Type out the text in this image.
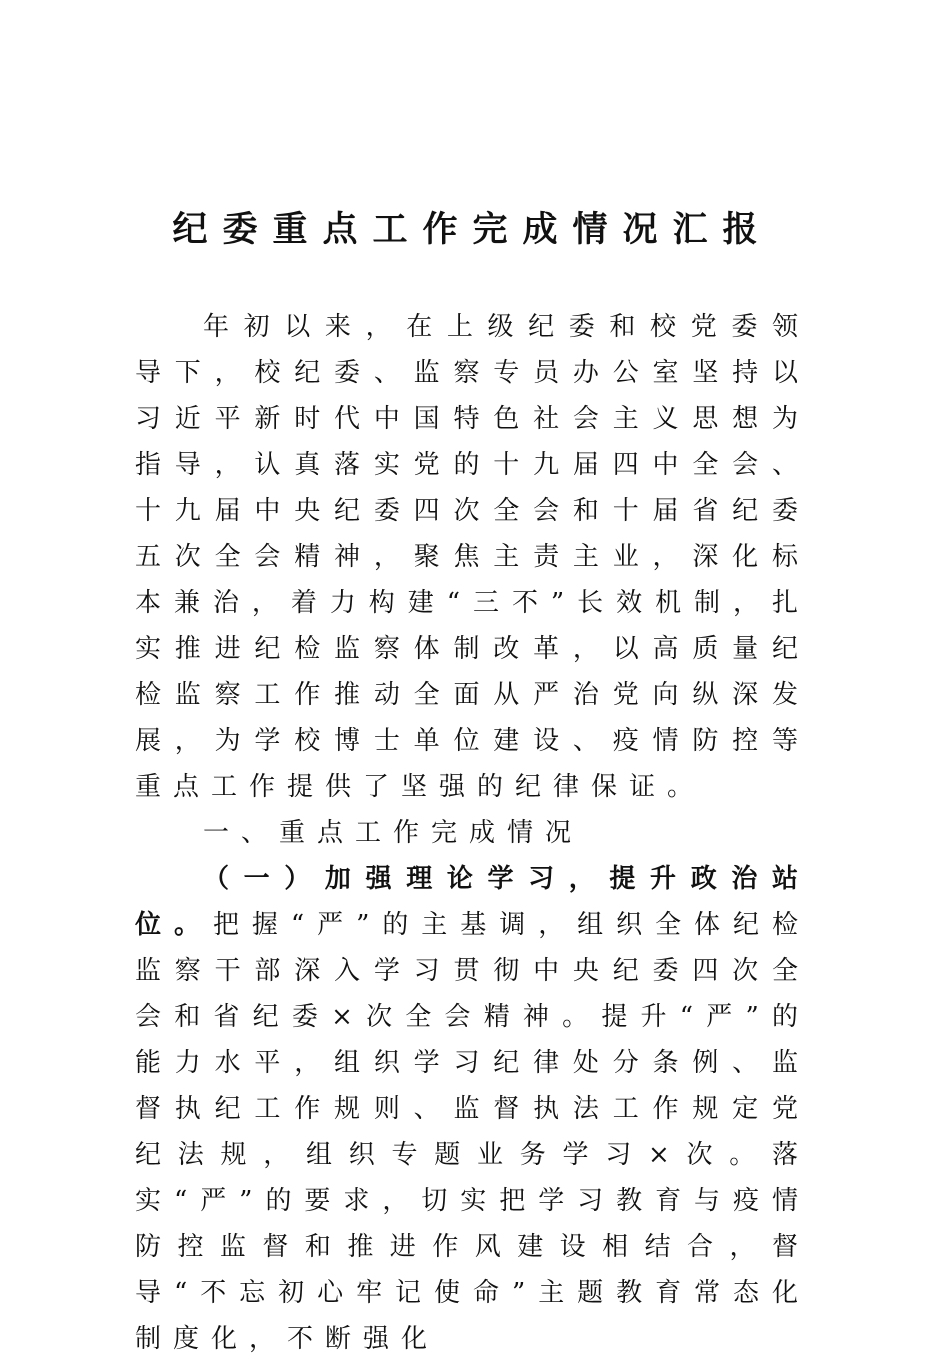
纪委重点工作完成情况汇报

年初以来，在上级纪委和校党委领导下，校纪委、监察专员办公室坚持以习近平新时代中国特色社会主义思想为指导，认真落实党的十九届四中全会、十九届中央纪委四次全会和十届省纪委五次全会精神，聚焦主责主业，深化标本兼治，着力构建“三不”长效机制，扎实推进纪检监察体制改革，以高质量纪检监察工作推动全面从严治党向纵深发展，为学校博士单位建设、疫情防控等重点工作提供了坚强的纪律保证。

一、重点工作完成情况

（一）加强理论学习，提升政治站位。把握“严”的主基调，组织全体纪检监察干部深入学习贯彻中央纪委四次全会和省纪委×次全会精神。提升“严”的能力水平，组织学习纪律处分条例、监督执纪工作规则、监督执法工作规定党纪法规，组织专题业务学习×次。落实“严”的要求，切实把学习教育与疫情防控监督和推进作风建设相结合，督导“不忘初心牢记使命”主题教育常态化制度化，不断强化
